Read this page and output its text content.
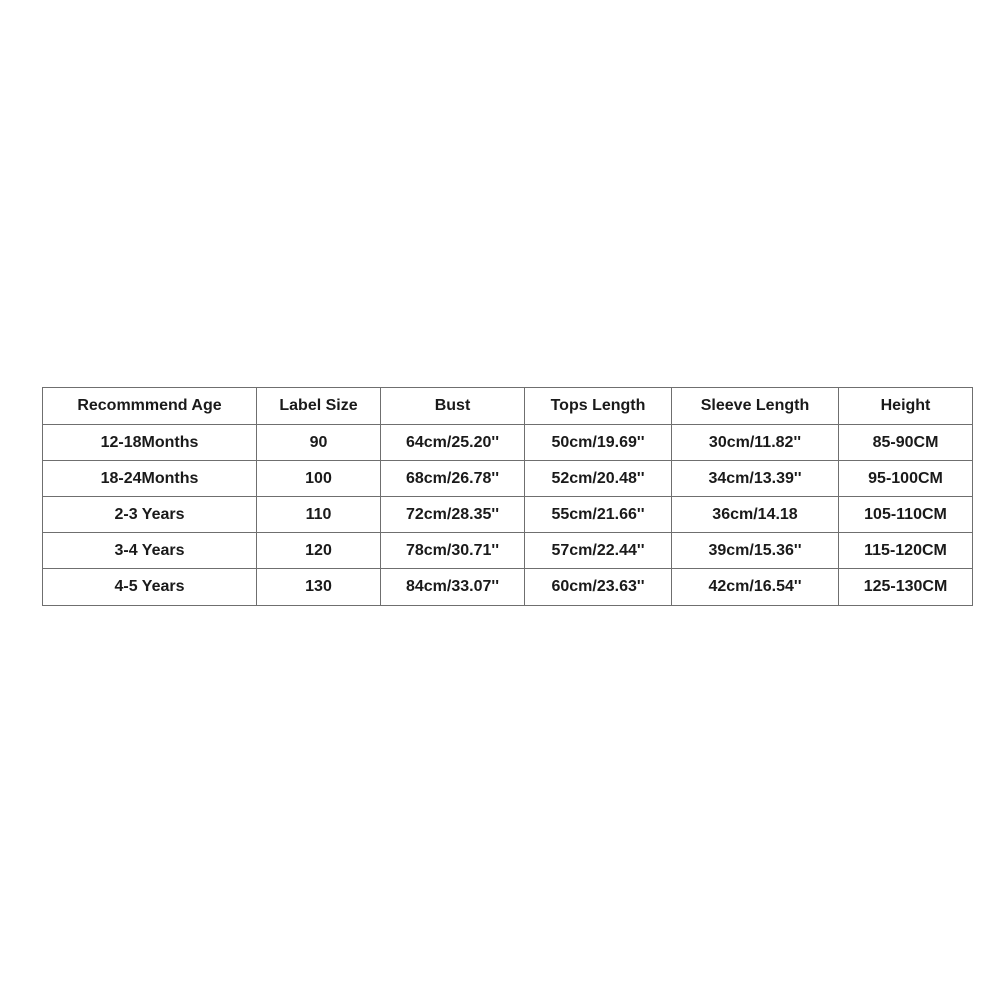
Recommmend Age	Label Size	Bust	Tops Length	Sleeve Length	Height
12-18Months	90	64cm/25.20''	50cm/19.69''	30cm/11.82''	85-90CM
18-24Months	100	68cm/26.78''	52cm/20.48''	34cm/13.39''	95-100CM
2-3 Years	110	72cm/28.35''	55cm/21.66''	36cm/14.18	105-110CM
3-4 Years	120	78cm/30.71''	57cm/22.44''	39cm/15.36''	115-120CM
4-5 Years	130	84cm/33.07''	60cm/23.63''	42cm/16.54''	125-130CM
